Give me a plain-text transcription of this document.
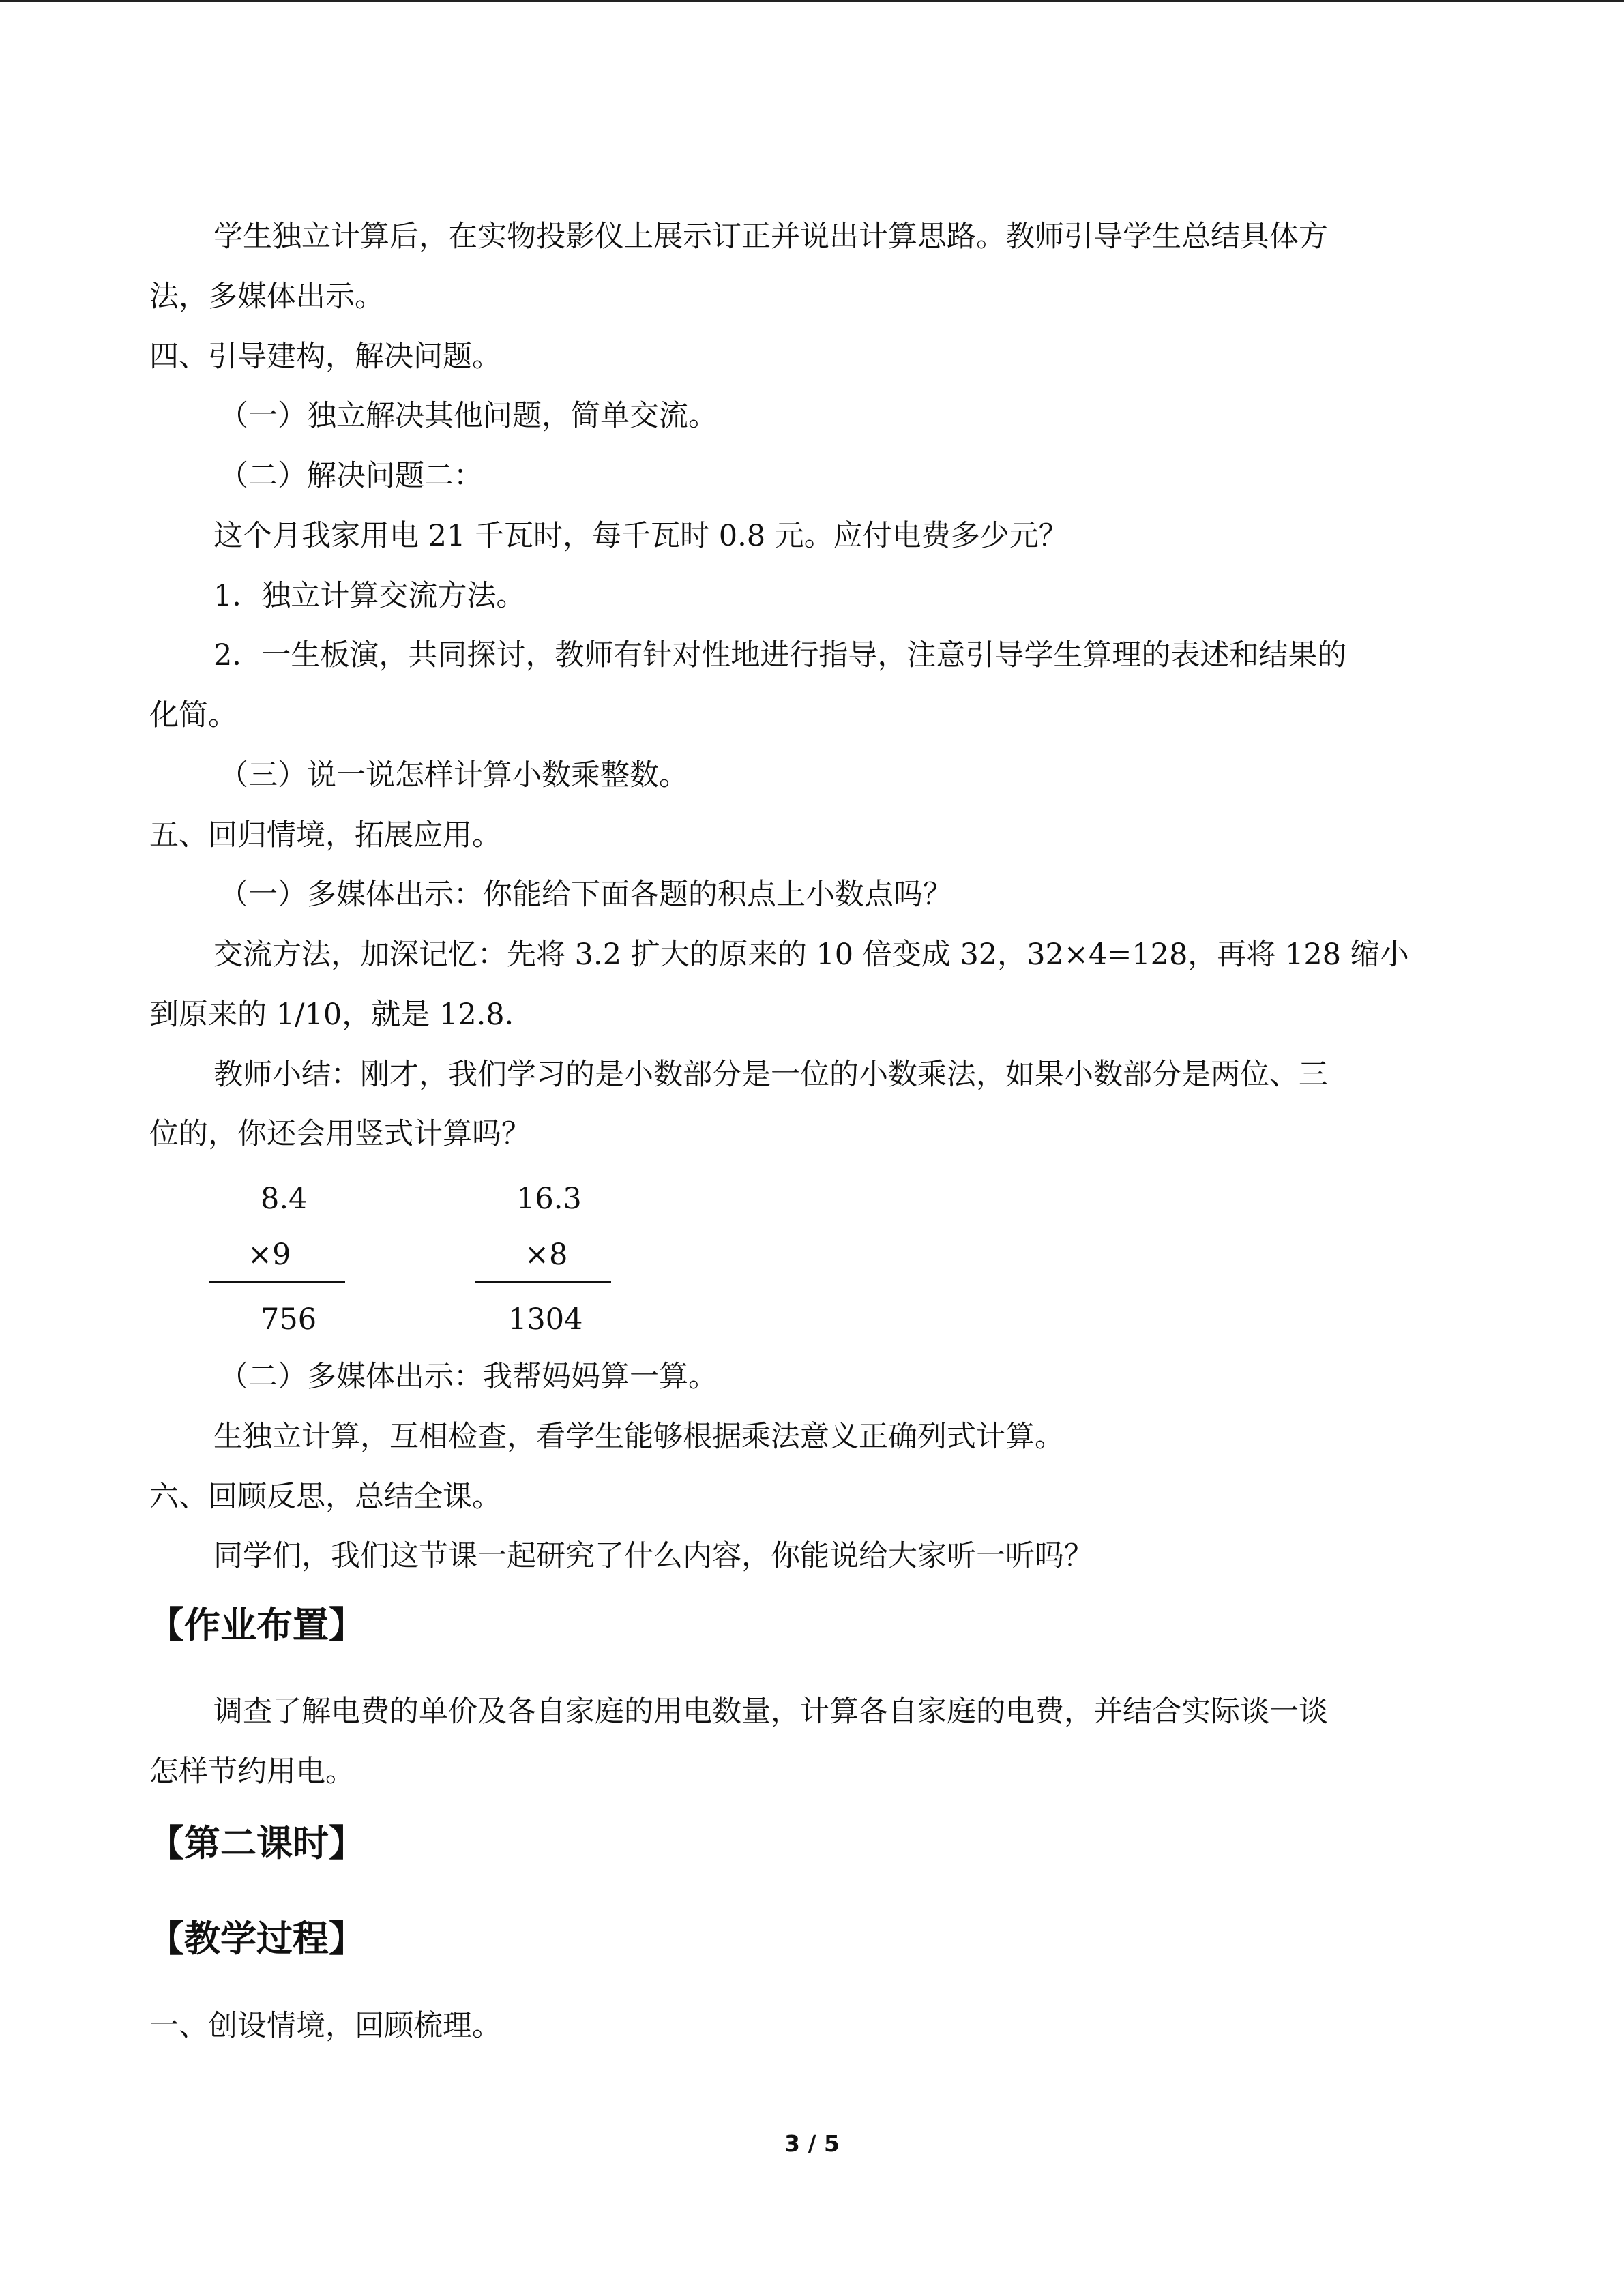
学生独立计算后，在实物投影仪上展示订正并说出计算思路。教师引导学生总结具体方

法，多媒体出示。

四、引导建构，解决问题。

（一）独立解决其他问题，简单交流。

（二）解决问题二：

这个月我家用电 21 千瓦时，每千瓦时 0.8 元。应付电费多少元？

1．独立计算交流方法。

2．一生板演，共同探讨，教师有针对性地进行指导，注意引导学生算理的表述和结果的

化简。

（三）说一说怎样计算小数乘整数。

五、回归情境，拓展应用。

（一）多媒体出示：你能给下面各题的积点上小数点吗？

交流方法，加深记忆：先将 3.2 扩大的原来的 10 倍变成 32，32×4=128，再将 128 缩小

到原来的 1/10，就是 12.8．

教师小结：刚才，我们学习的是小数部分是一位的小数乘法，如果小数部分是两位、三

位的，你还会用竖式计算吗？

8.4
×9
756
16.3
×8
1304

（二）多媒体出示：我帮妈妈算一算。

生独立计算，互相检查，看学生能够根据乘法意义正确列式计算。

六、回顾反思，总结全课。

同学们，我们这节课一起研究了什么内容，你能说给大家听一听吗？

【作业布置】

调查了解电费的单价及各自家庭的用电数量，计算各自家庭的电费，并结合实际谈一谈

怎样节约用电。

【第二课时】

【教学过程】

一、创设情境，回顾梳理。

3 / 5
